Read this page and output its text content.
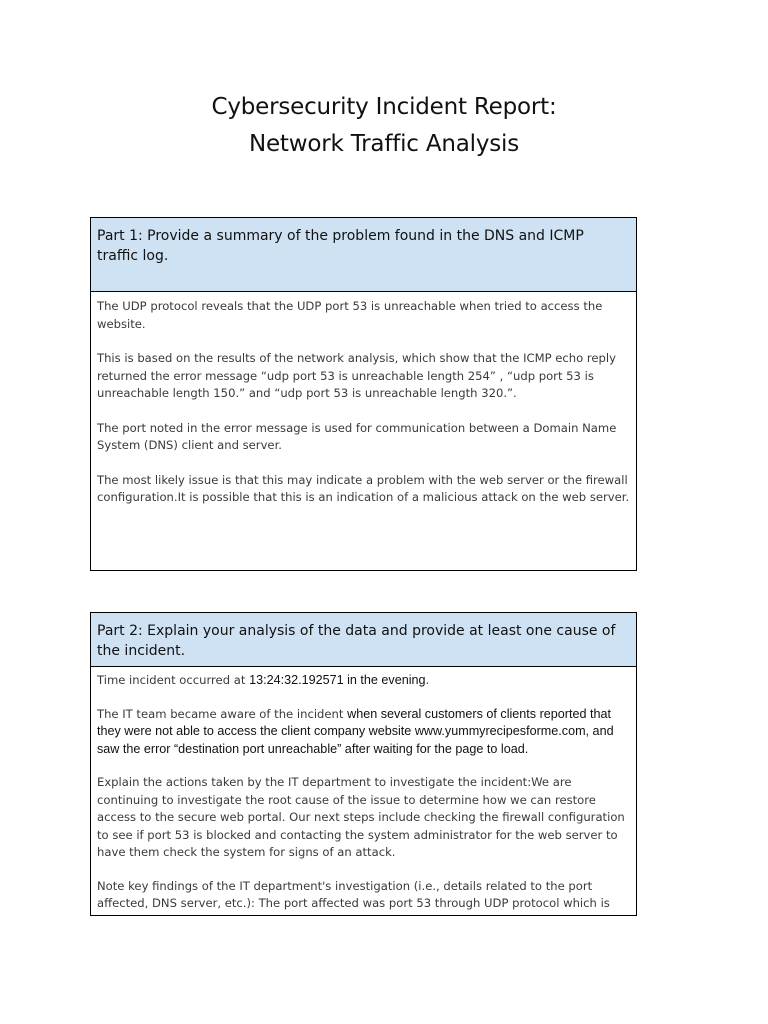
Cybersecurity Incident Report:
Network Traffic Analysis
Part 1: Provide a summary of the problem found in the DNS and ICMP
traffic log.

The UDP protocol reveals that the UDP port 53 is unreachable when tried to access the website.

This is based on the results of the network analysis, which show that the ICMP echo reply returned the error message “udp port 53 is unreachable length 254” , “udp port 53 is unreachable length 150.” and “udp port 53 is unreachable length 320.”.

The port noted in the error message is used for communication between a Domain Name System (DNS) client and server.

The most likely issue is that this may indicate a problem with the web server or the firewall configuration.It is possible that this is an indication of a malicious attack on the web server.

Part 2: Explain your analysis of the data and provide at least one cause of the incident.

Time incident occurred at 13:24:32.192571 in the evening.

The IT team became aware of the incident when several customers of clients reported that they were not able to access the client company website www.yummyrecipesforme.com, and saw the error “destination port unreachable” after waiting for the page to load.

Explain the actions taken by the IT department to investigate the incident:We are continuing to investigate the root cause of the issue to determine how we can restore access to the secure web portal. Our next steps include checking the firewall configuration to see if port 53 is blocked and contacting the system administrator for the web server to have them check the system for signs of an attack.

Note key findings of the IT department's investigation (i.e., details related to the port affected, DNS server, etc.): The port affected was port 53 through UDP protocol which is
